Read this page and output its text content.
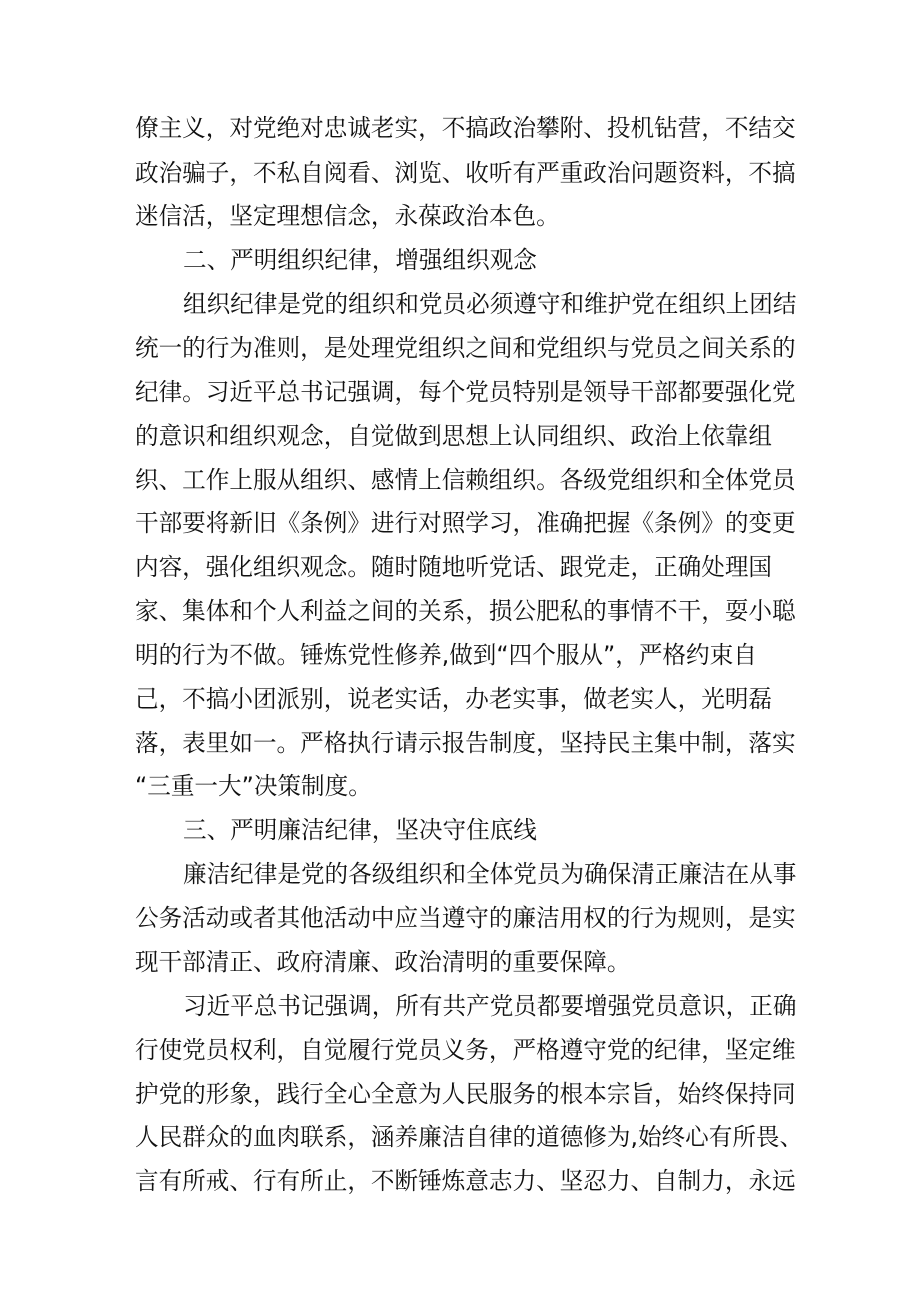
僚主义，对党绝对忠诚老实，不搞政治攀附、投机钻营，不结交
政治骗子，不私自阅看、浏览、收听有严重政治问题资料，不搞
迷信活，坚定理想信念，永葆政治本色。
二、严明组织纪律，增强组织观念
组织纪律是党的组织和党员必须遵守和维护党在组织上团结
统一的行为准则，是处理党组织之间和党组织与党员之间关系的
纪律。习近平总书记强调，每个党员特别是领导干部都要强化党
的意识和组织观念，自觉做到思想上认同组织、政治上依靠组
织、工作上服从组织、感情上信赖组织。各级党组织和全体党员
干部要将新旧《条例》进行对照学习，准确把握《条例》的变更
内容，强化组织观念。随时随地听党话、跟党走，正确处理国
家、集体和个人利益之间的关系，损公肥私的事情不干，耍小聪
明的行为不做。锤炼党性修养,做到“四个服从”，严格约束自
己，不搞小团派别，说老实话，办老实事，做老实人，光明磊
落，表里如一。严格执行请示报告制度，坚持民主集中制，落实
“三重一大”决策制度。
三、严明廉洁纪律，坚决守住底线
廉洁纪律是党的各级组织和全体党员为确保清正廉洁在从事
公务活动或者其他活动中应当遵守的廉洁用权的行为规则，是实
现干部清正、政府清廉、政治清明的重要保障。
习近平总书记强调，所有共产党员都要增强党员意识，正确
行使党员权利，自觉履行党员义务，严格遵守党的纪律，坚定维
护党的形象，践行全心全意为人民服务的根本宗旨，始终保持同
人民群众的血肉联系，涵养廉洁自律的道德修为,始终心有所畏、
言有所戒、行有所止，不断锤炼意志力、坚忍力、自制力，永远
